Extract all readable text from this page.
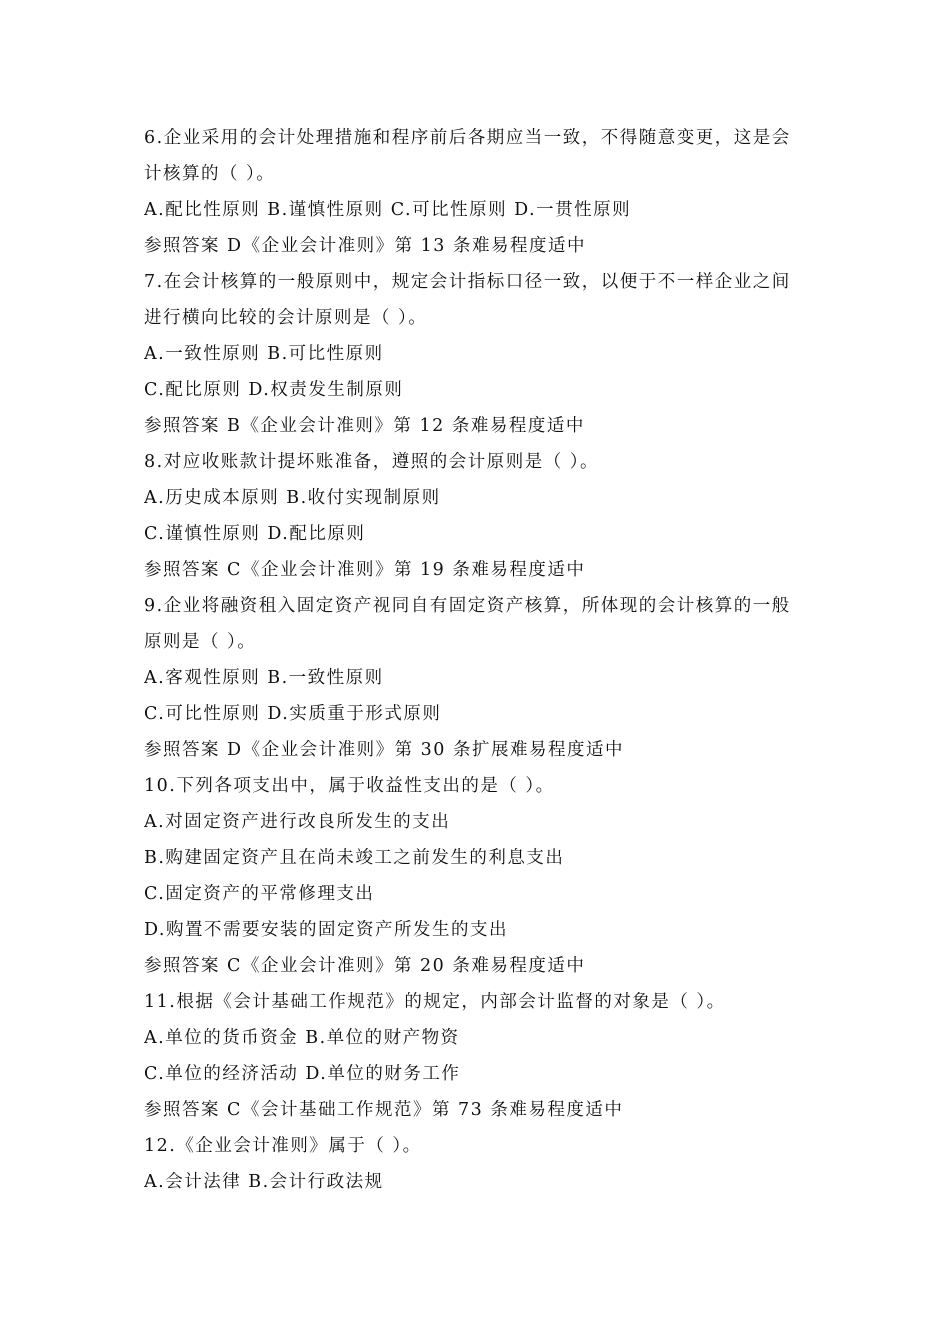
6.企业采用的会计处理措施和程序前后各期应当一致，不得随意变更，这是会
计核算的（ ）。
A.配比性原则 B.谨慎性原则 C.可比性原则 D.一贯性原则
参照答案 D《企业会计准则》第 13 条难易程度适中
7.在会计核算的一般原则中，规定会计指标口径一致，以便于不一样企业之间
进行横向比较的会计原则是（ ）。
A.一致性原则 B.可比性原则
C.配比原则 D.权责发生制原则
参照答案 B《企业会计准则》第 12 条难易程度适中
8.对应收账款计提坏账准备，遵照的会计原则是（ ）。
A.历史成本原则 B.收付实现制原则
C.谨慎性原则 D.配比原则
参照答案 C《企业会计准则》第 19 条难易程度适中
9.企业将融资租入固定资产视同自有固定资产核算，所体现的会计核算的一般
原则是（ ）。
A.客观性原则 B.一致性原则
C.可比性原则 D.实质重于形式原则
参照答案 D《企业会计准则》第 30 条扩展难易程度适中
10.下列各项支出中，属于收益性支出的是（ ）。
A.对固定资产进行改良所发生的支出
B.购建固定资产且在尚未竣工之前发生的利息支出
C.固定资产的平常修理支出
D.购置不需要安装的固定资产所发生的支出
参照答案 C《企业会计准则》第 20 条难易程度适中
11.根据《会计基础工作规范》的规定，内部会计监督的对象是（ ）。
A.单位的货币资金 B.单位的财产物资
C.单位的经济活动 D.单位的财务工作
参照答案 C《会计基础工作规范》第 73 条难易程度适中
12.《企业会计准则》属于（ ）。
A.会计法律 B.会计行政法规
